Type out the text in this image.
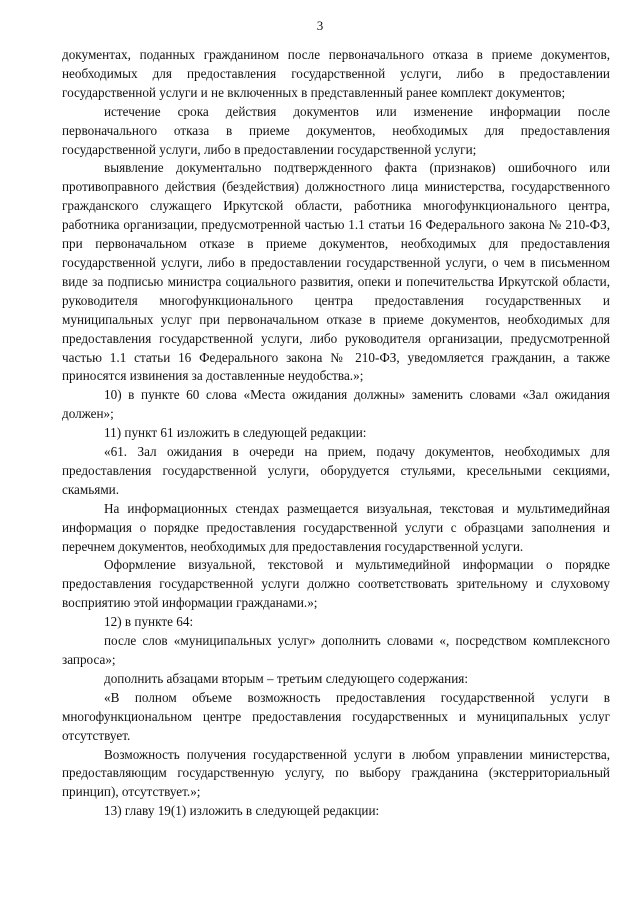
3

документах, поданных гражданином после первоначального отказа в приеме документов, необходимых для предоставления государственной услуги, либо в предоставлении государственной услуги и не включенных в представленный ранее комплект документов;

истечение срока действия документов или изменение информации после первоначального отказа в приеме документов, необходимых для предоставления государственной услуги, либо в предоставлении государственной услуги;

выявление документально подтвержденного факта (признаков) ошибочного или противоправного действия (бездействия) должностного лица министерства, государственного гражданского служащего Иркутской области, работника многофункционального центра, работника организации, предусмотренной частью 1.1 статьи 16 Федерального закона № 210-ФЗ, при первоначальном отказе в приеме документов, необходимых для предоставления государственной услуги, либо в предоставлении государственной услуги, о чем в письменном виде за подписью министра социального развития, опеки и попечительства Иркутской области, руководителя многофункционального центра предоставления государственных и муниципальных услуг при первоначальном отказе в приеме документов, необходимых для предоставления государственной услуги, либо руководителя организации, предусмотренной частью 1.1 статьи 16 Федерального закона № 210-ФЗ, уведомляется гражданин, а также приносятся извинения за доставленные неудобства.»;

10) в пункте 60 слова «Места ожидания должны» заменить словами «Зал ожидания должен»;

11) пункт 61 изложить в следующей редакции:

«61. Зал ожидания в очереди на прием, подачу документов, необходимых для предоставления государственной услуги, оборудуется стульями, кресельными секциями, скамьями.

На информационных стендах размещается визуальная, текстовая и мультимедийная информация о порядке предоставления государственной услуги с образцами заполнения и перечнем документов, необходимых для предоставления государственной услуги.

Оформление визуальной, текстовой и мультимедийной информации о порядке предоставления государственной услуги должно соответствовать зрительному и слуховому восприятию этой информации гражданами.»;

12) в пункте 64:

после слов «муниципальных услуг» дополнить словами «, посредством комплексного запроса»;

дополнить абзацами вторым – третьим следующего содержания:

«В полном объеме возможность предоставления государственной услуги в многофункциональном центре предоставления государственных и муниципальных услуг отсутствует.

Возможность получения государственной услуги в любом управлении министерства, предоставляющим государственную услугу, по выбору гражданина (экстерриториальный принцип), отсутствует.»;

13) главу 19(1) изложить в следующей редакции:
